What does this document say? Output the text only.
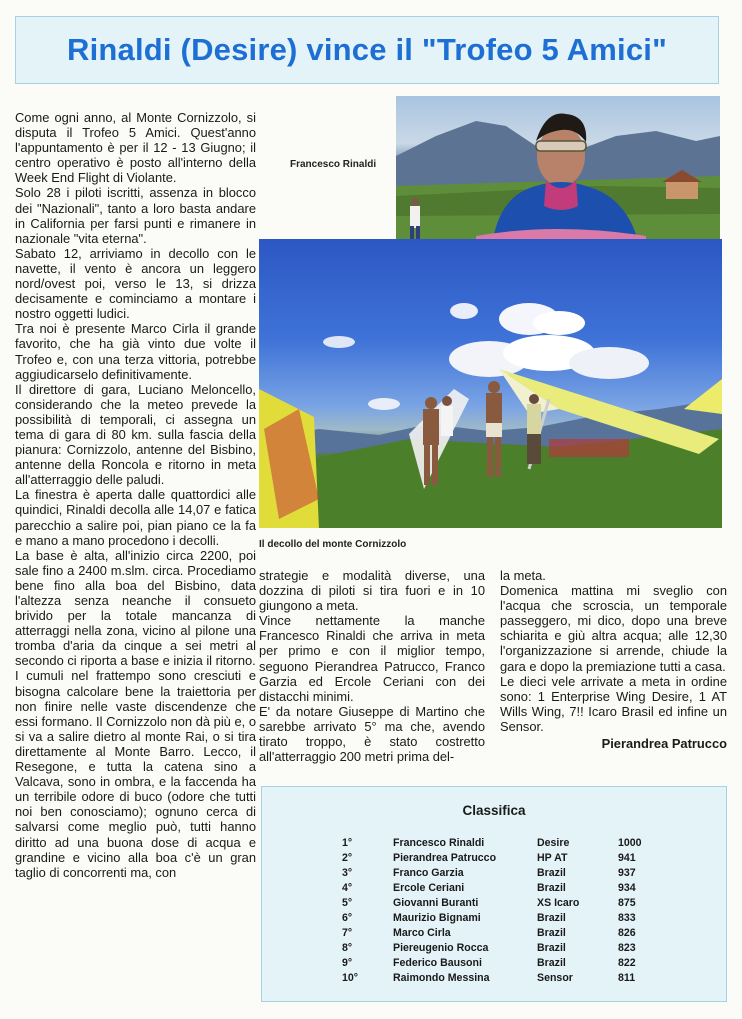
Rinaldi (Desire) vince il "Trofeo 5 Amici"

Come ogni anno, al Monte Cornizzolo, si disputa il Trofeo 5 Amici. Quest'anno l'appuntamento è per il 12 - 13 Giugno; il centro operativo è posto all'interno della Week End Flight di Violante.

Solo 28 i piloti iscritti, assenza in blocco dei "Nazionali", tanto a loro basta andare in California per farsi punti e rimanere in nazionale "vita eterna".

Sabato 12, arriviamo in decollo con le navette, il vento è ancora un leggero nord/ovest poi, verso le 13, si drizza decisamente e cominciamo a montare i nostro oggetti ludici.

Tra noi è presente Marco Cirla il grande favorito, che ha già vinto due volte il Trofeo e, con una terza vittoria, potrebbe aggiudicarselo definitivamente.

Il direttore di gara, Luciano Meloncello, considerando che la meteo prevede la possibilità di temporali, ci assegna un tema di gara di 80 km. sulla fascia della pianura: Cornizzolo, antenne del Bisbino, antenne della Roncola e ritorno in meta all'atterraggio delle paludi.

La finestra è aperta dalle quattordici alle quindici, Rinaldi decolla alle 14,07 e fatica parecchio a salire poi, pian piano ce la fa e mano a mano procedono i decolli.

La base è alta, all'inizio circa 2200, poi sale fino a 2400 m.slm. circa. Procediamo bene fino alla boa del Bisbino, data l'altezza senza neanche il consueto brivido per la totale mancanza di atterraggi nella zona, vicino al pilone una tromba d'aria da cinque a sei metri al secondo ci riporta a base e inizia il ritorno.

I cumuli nel frattempo sono cresciuti e bisogna calcolare bene la traiettoria per non finire nelle vaste discendenze che essi formano. Il Cornizzolo non dà più e, o si va a salire dietro al monte Rai, o si tira direttamente al Monte Barro. Lecco, il Resegone, e tutta la catena sino a Valcava, sono in ombra, e la faccenda ha un terribile odore di buco (odore che tutti noi ben conosciamo); ognuno cerca di salvarsi come meglio può, tutti hanno diritto ad una buona dose di acqua e grandine e vicino alla boa c'è un gran taglio di concorrenti ma, con

Francesco Rinaldi
Il decollo del monte Cornizzolo

strategie e modalità diverse, una dozzina di piloti si tira fuori e in 10 giungono a meta.

Vince nettamente la manche Francesco Rinaldi che arriva in meta per primo e con il miglior tempo, seguono Pierandrea Patrucco, Franco Garzia ed Ercole Ceriani con dei distacchi minimi.

E' da notare Giuseppe di Martino che sarebbe arrivato 5° ma che, avendo tirato troppo, è stato costretto all'atterraggio 200 metri prima del-

la meta.

Domenica mattina mi sveglio con l'acqua che scroscia, un temporale passeggero, mi dico, dopo una breve schiarita e giù altra acqua; alle 12,30 l'organizzazione si arrende, chiude la gara e dopo la premiazione tutti a casa.

Le dieci vele arrivate a meta in ordine sono: 1 Enterprise Wing Desire, 1 AT Wills Wing, 7!! Icaro Brasil ed infine un Sensor.

Pierandrea Patrucco

Classifica
1°	Francesco Rinaldi	Desire	1000
2°	Pierandrea Patrucco	HP AT	941
3°	Franco Garzia	Brazil	937
4°	Ercole Ceriani	Brazil	934
5°	Giovanni Buranti	XS Icaro	875
6°	Maurizio Bignami	Brazil	833
7°	Marco Cirla	Brazil	826
8°	Piereugenio Rocca	Brazil	823
9°	Federico Bausoni	Brazil	822
10°	Raimondo Messina	Sensor	811
